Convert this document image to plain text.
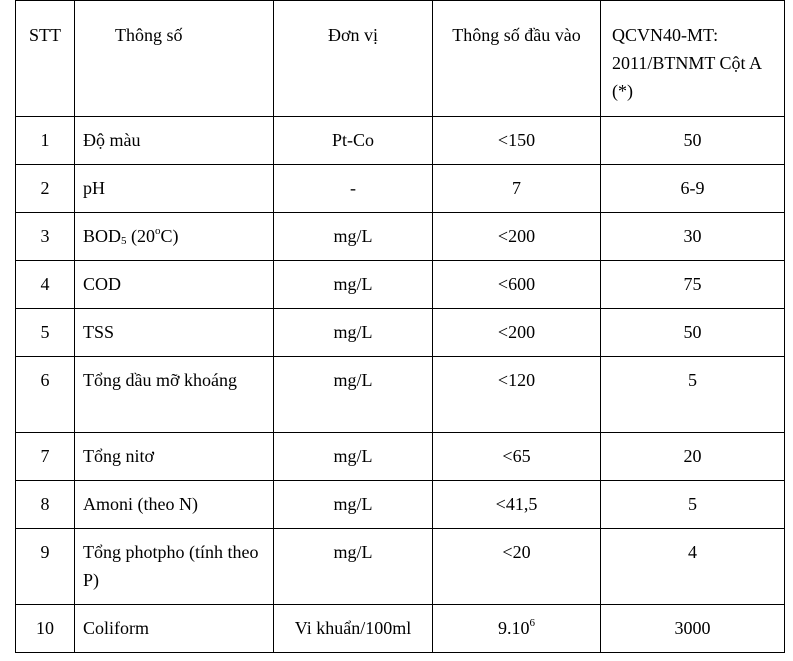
STT	Thông số	Đơn vị	Thông số đầu vào	QCVN40-MT: 2011/BTNMT Cột A (*)
1	Độ màu	Pt-Co	<150	50
2	pH	-	7	6-9
3	$BOD_5$ (20$^o$C)	mg/L	<200	30
4	COD	mg/L	<600	75
5	TSS	mg/L	<200	50
6	Tổng dầu mỡ khoáng	mg/L	<120	5
7	Tổng nitơ	mg/L	<65	20
8	Amoni (theo N)	mg/L	<41,5	5
9	Tổng photpho (tính theo P)	mg/L	<20	4
10	Coliform	Vi khuẩn/100ml	9.10$^6$	3000
